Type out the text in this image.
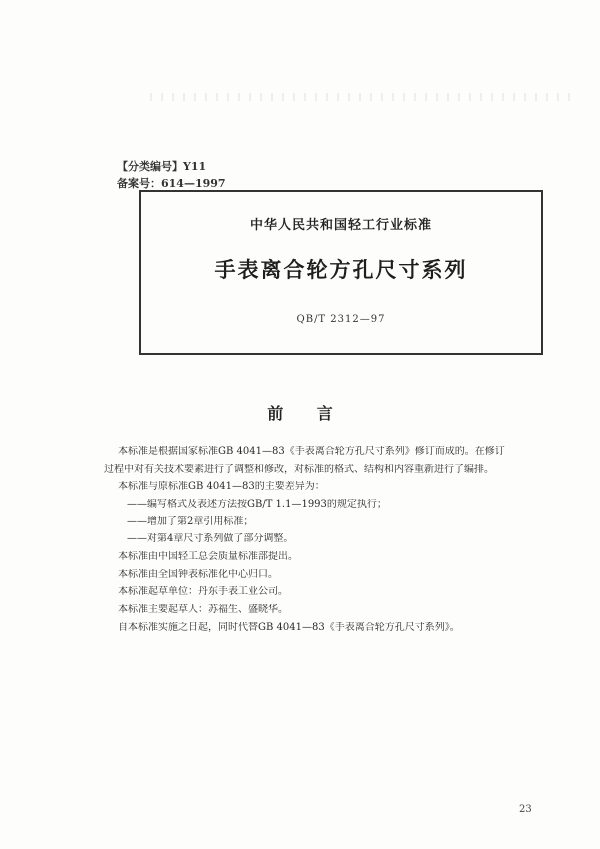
【分类编号】Y11
备案号：614—1997
中华人民共和国轻工行业标准
手表离合轮方孔尺寸系列
QB/T 2312—97
前 言
本标准是根据国家标准GB 4041—83《手表离合轮方孔尺寸系列》修订而成的。在修订
过程中对有关技术要素进行了调整和修改，对标准的格式、结构和内容重新进行了编排。
本标准与原标准GB 4041—83的主要差异为：
——编写格式及表述方法按GB/T 1.1—1993的规定执行；
——增加了第2章引用标准；
——对第4章尺寸系列做了部分调整。
本标准由中国轻工总会质量标准部提出。
本标准由全国钟表标准化中心归口。
本标准起草单位：丹东手表工业公司。
本标准主要起草人：苏福生、盛晓华。
自本标准实施之日起，同时代替GB 4041—83《手表离合轮方孔尺寸系列》。
23
